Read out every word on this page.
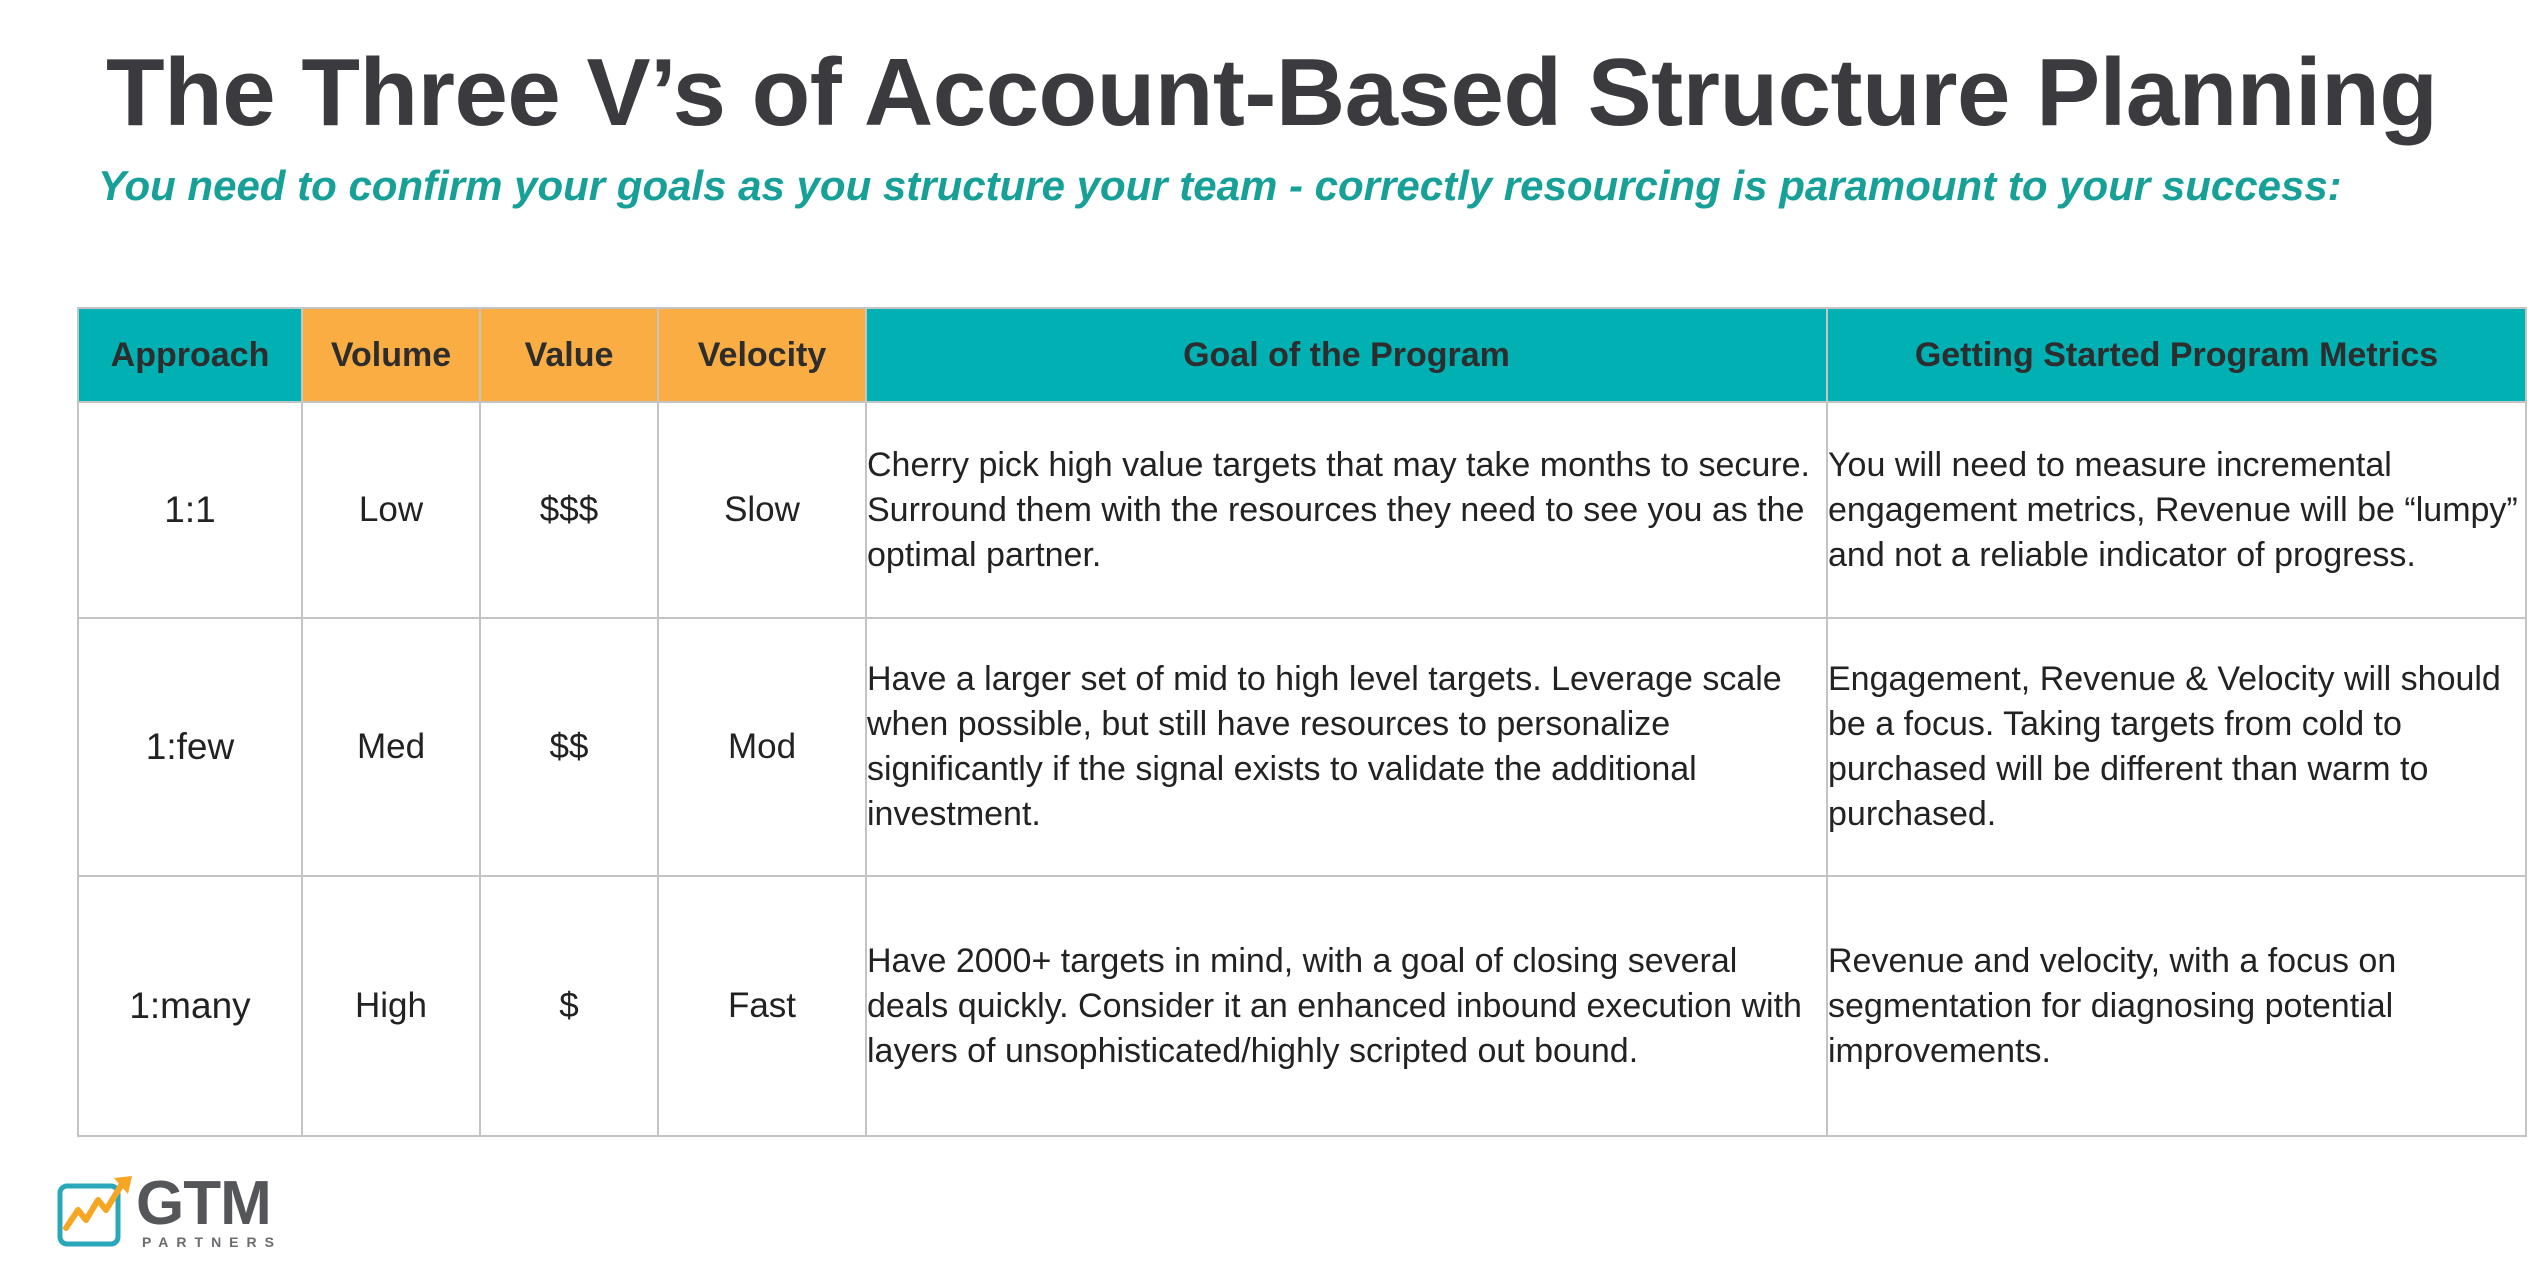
The Three V’s of Account-Based Structure Planning
You need to confirm your goals as you structure your team - correctly resourcing is paramount to your success:
Approach	Volume	Value	Velocity	Goal of the Program	Getting Started Program Metrics
1:1	Low	$$$	Slow	Cherry pick high value targets that may take months to secure. Surround them with the resources they need to see you as the optimal partner.	You will need to measure incremental engagement metrics, Revenue will be “lumpy” and not a reliable indicator of progress.
1:few	Med	$$	Mod	Have a larger set of mid to high level targets. Leverage scale when possible, but still have resources to personalize significantly if the signal exists to validate the additional investment.	Engagement, Revenue & Velocity will should be a focus. Taking targets from cold to purchased will be different than warm to purchased.
1:many	High	$	Fast	Have 2000+ targets in mind, with a goal of closing several deals quickly. Consider it an enhanced inbound execution with layers of unsophisticated/highly scripted out bound.	Revenue and velocity, with a focus on segmentation for diagnosing potential improvements.
GTM
PARTNERS
